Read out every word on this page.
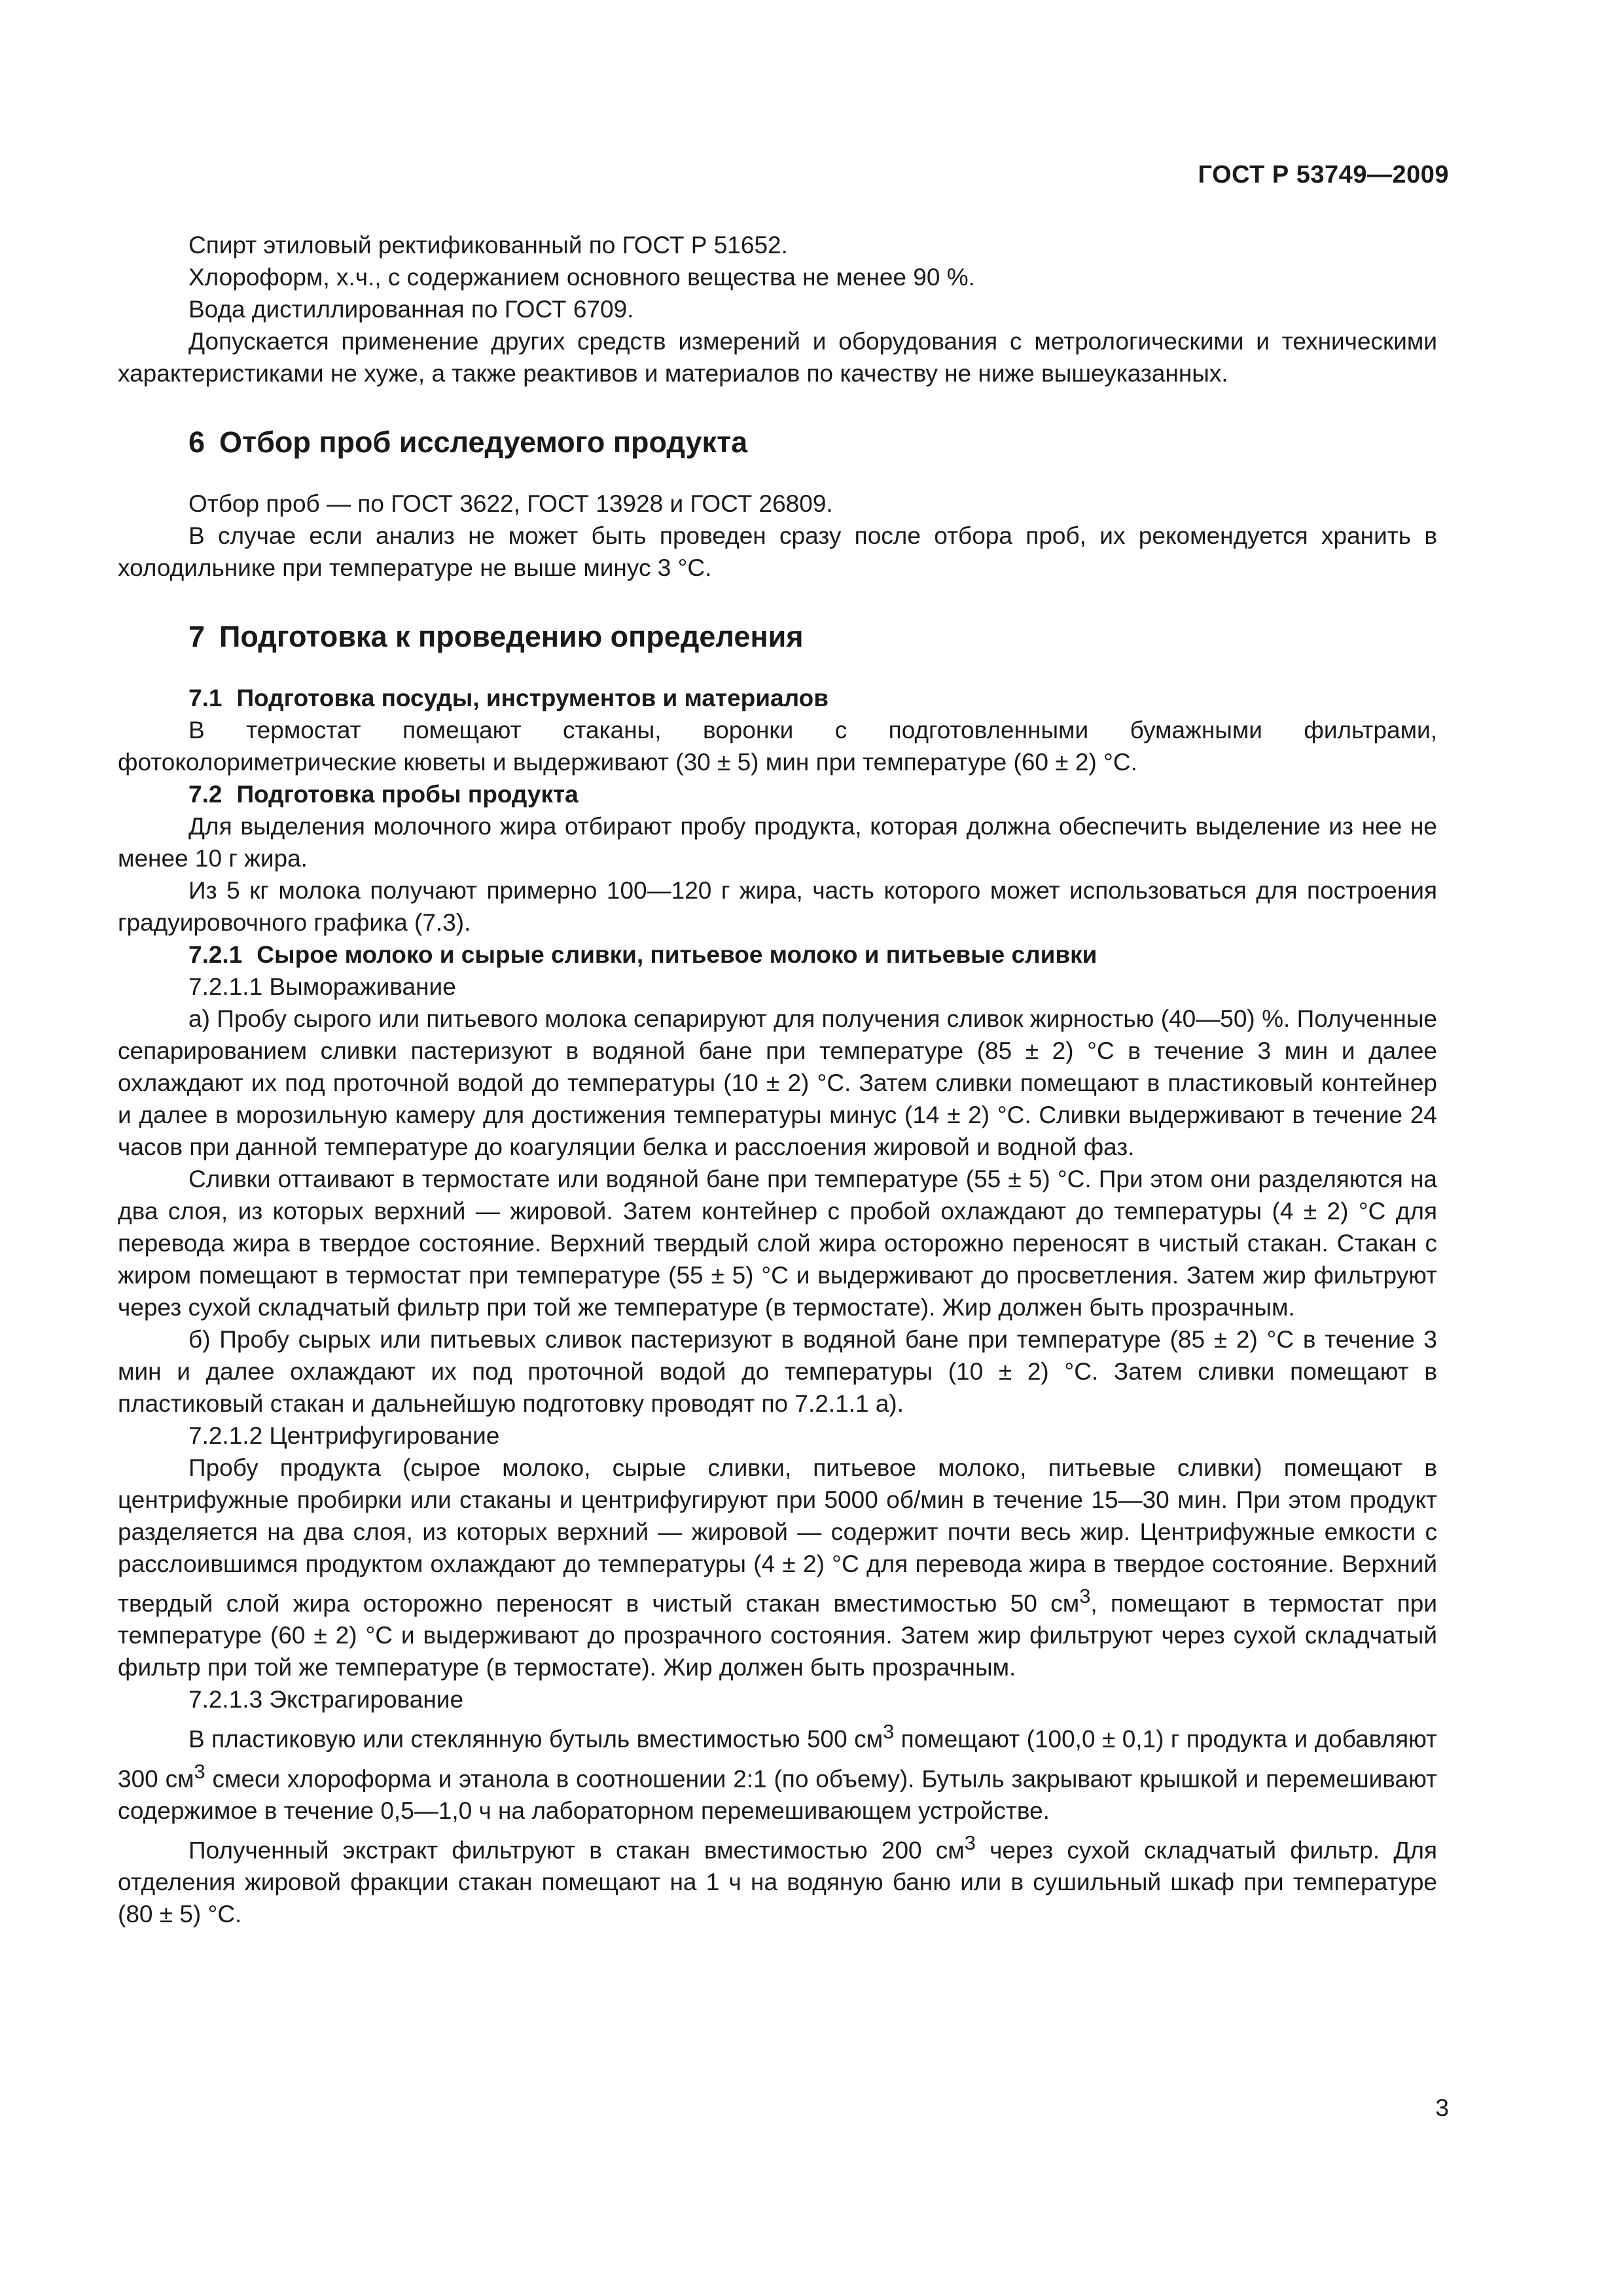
ГОСТ Р 53749—2009

Спирт этиловый ректификованный по ГОСТ Р 51652.

Хлороформ, х.ч., с содержанием основного вещества не менее 90 %.

Вода дистиллированная по ГОСТ 6709.

Допускается применение других средств измерений и оборудования с метрологическими и техническими характеристиками не хуже, а также реактивов и материалов по качеству не ниже вышеуказанных.

6 Отбор проб исследуемого продукта

Отбор проб — по ГОСТ 3622, ГОСТ 13928 и ГОСТ 26809.

В случае если анализ не может быть проведен сразу после отбора проб, их рекомендуется хранить в холодильнике при температуре не выше минус 3 °C.

7 Подготовка к проведению определения
7.1 Подготовка посуды, инструментов и материалов

В термостат помещают стаканы, воронки с подготовленными бумажными фильтрами, фотоколориметрические кюветы и выдерживают (30 ± 5) мин при температуре (60 ± 2) °C.

7.2 Подготовка пробы продукта

Для выделения молочного жира отбирают пробу продукта, которая должна обеспечить выделение из нее не менее 10 г жира.

Из 5 кг молока получают примерно 100—120 г жира, часть которого может использоваться для построения градуировочного графика (7.3).

7.2.1 Сырое молоко и сырые сливки, питьевое молоко и питьевые сливки

7.2.1.1 Вымораживание

а) Пробу сырого или питьевого молока сепарируют для получения сливок жирностью (40—50) %. Полученные сепарированием сливки пастеризуют в водяной бане при температуре (85 ± 2) °C в течение 3 мин и далее охлаждают их под проточной водой до температуры (10 ± 2) °C. Затем сливки помещают в пластиковый контейнер и далее в морозильную камеру для достижения температуры минус (14 ± 2) °C. Сливки выдерживают в течение 24 часов при данной температуре до коагуляции белка и расслоения жировой и водной фаз.

Сливки оттаивают в термостате или водяной бане при температуре (55 ± 5) °C. При этом они разделяются на два слоя, из которых верхний — жировой. Затем контейнер с пробой охлаждают до температуры (4 ± 2) °C для перевода жира в твердое состояние. Верхний твердый слой жира осторожно переносят в чистый стакан. Стакан с жиром помещают в термостат при температуре (55 ± 5) °C и выдерживают до просветления. Затем жир фильтруют через сухой складчатый фильтр при той же температуре (в термостате). Жир должен быть прозрачным.

б) Пробу сырых или питьевых сливок пастеризуют в водяной бане при температуре (85 ± 2) °C в течение 3 мин и далее охлаждают их под проточной водой до температуры (10 ± 2) °C. Затем сливки помещают в пластиковый стакан и дальнейшую подготовку проводят по 7.2.1.1 а).

7.2.1.2 Центрифугирование

Пробу продукта (сырое молоко, сырые сливки, питьевое молоко, питьевые сливки) помещают в центрифужные пробирки или стаканы и центрифугируют при 5000 об/мин в течение 15—30 мин. При этом продукт разделяется на два слоя, из которых верхний — жировой — содержит почти весь жир. Центрифужные емкости с расслоившимся продуктом охлаждают до температуры (4 ± 2) °C для перевода жира в твердое состояние. Верхний твердый слой жира осторожно переносят в чистый стакан вместимостью 50 $см^3$, помещают в термостат при температуре (60 ± 2) °C и выдерживают до прозрачного состояния. Затем жир фильтруют через сухой складчатый фильтр при той же температуре (в термостате). Жир должен быть прозрачным.

7.2.1.3 Экстрагирование

В пластиковую или стеклянную бутыль вместимостью 500 $см^3$ помещают (100,0 ± 0,1) г продукта и добавляют 300 $см^3$ смеси хлороформа и этанола в соотношении 2:1 (по объему). Бутыль закрывают крышкой и перемешивают содержимое в течение 0,5—1,0 ч на лабораторном перемешивающем устройстве.

Полученный экстракт фильтруют в стакан вместимостью 200 $см^3$ через сухой складчатый фильтр. Для отделения жировой фракции стакан помещают на 1 ч на водяную баню или в сушильный шкаф при температуре (80 ± 5) °C.

3
